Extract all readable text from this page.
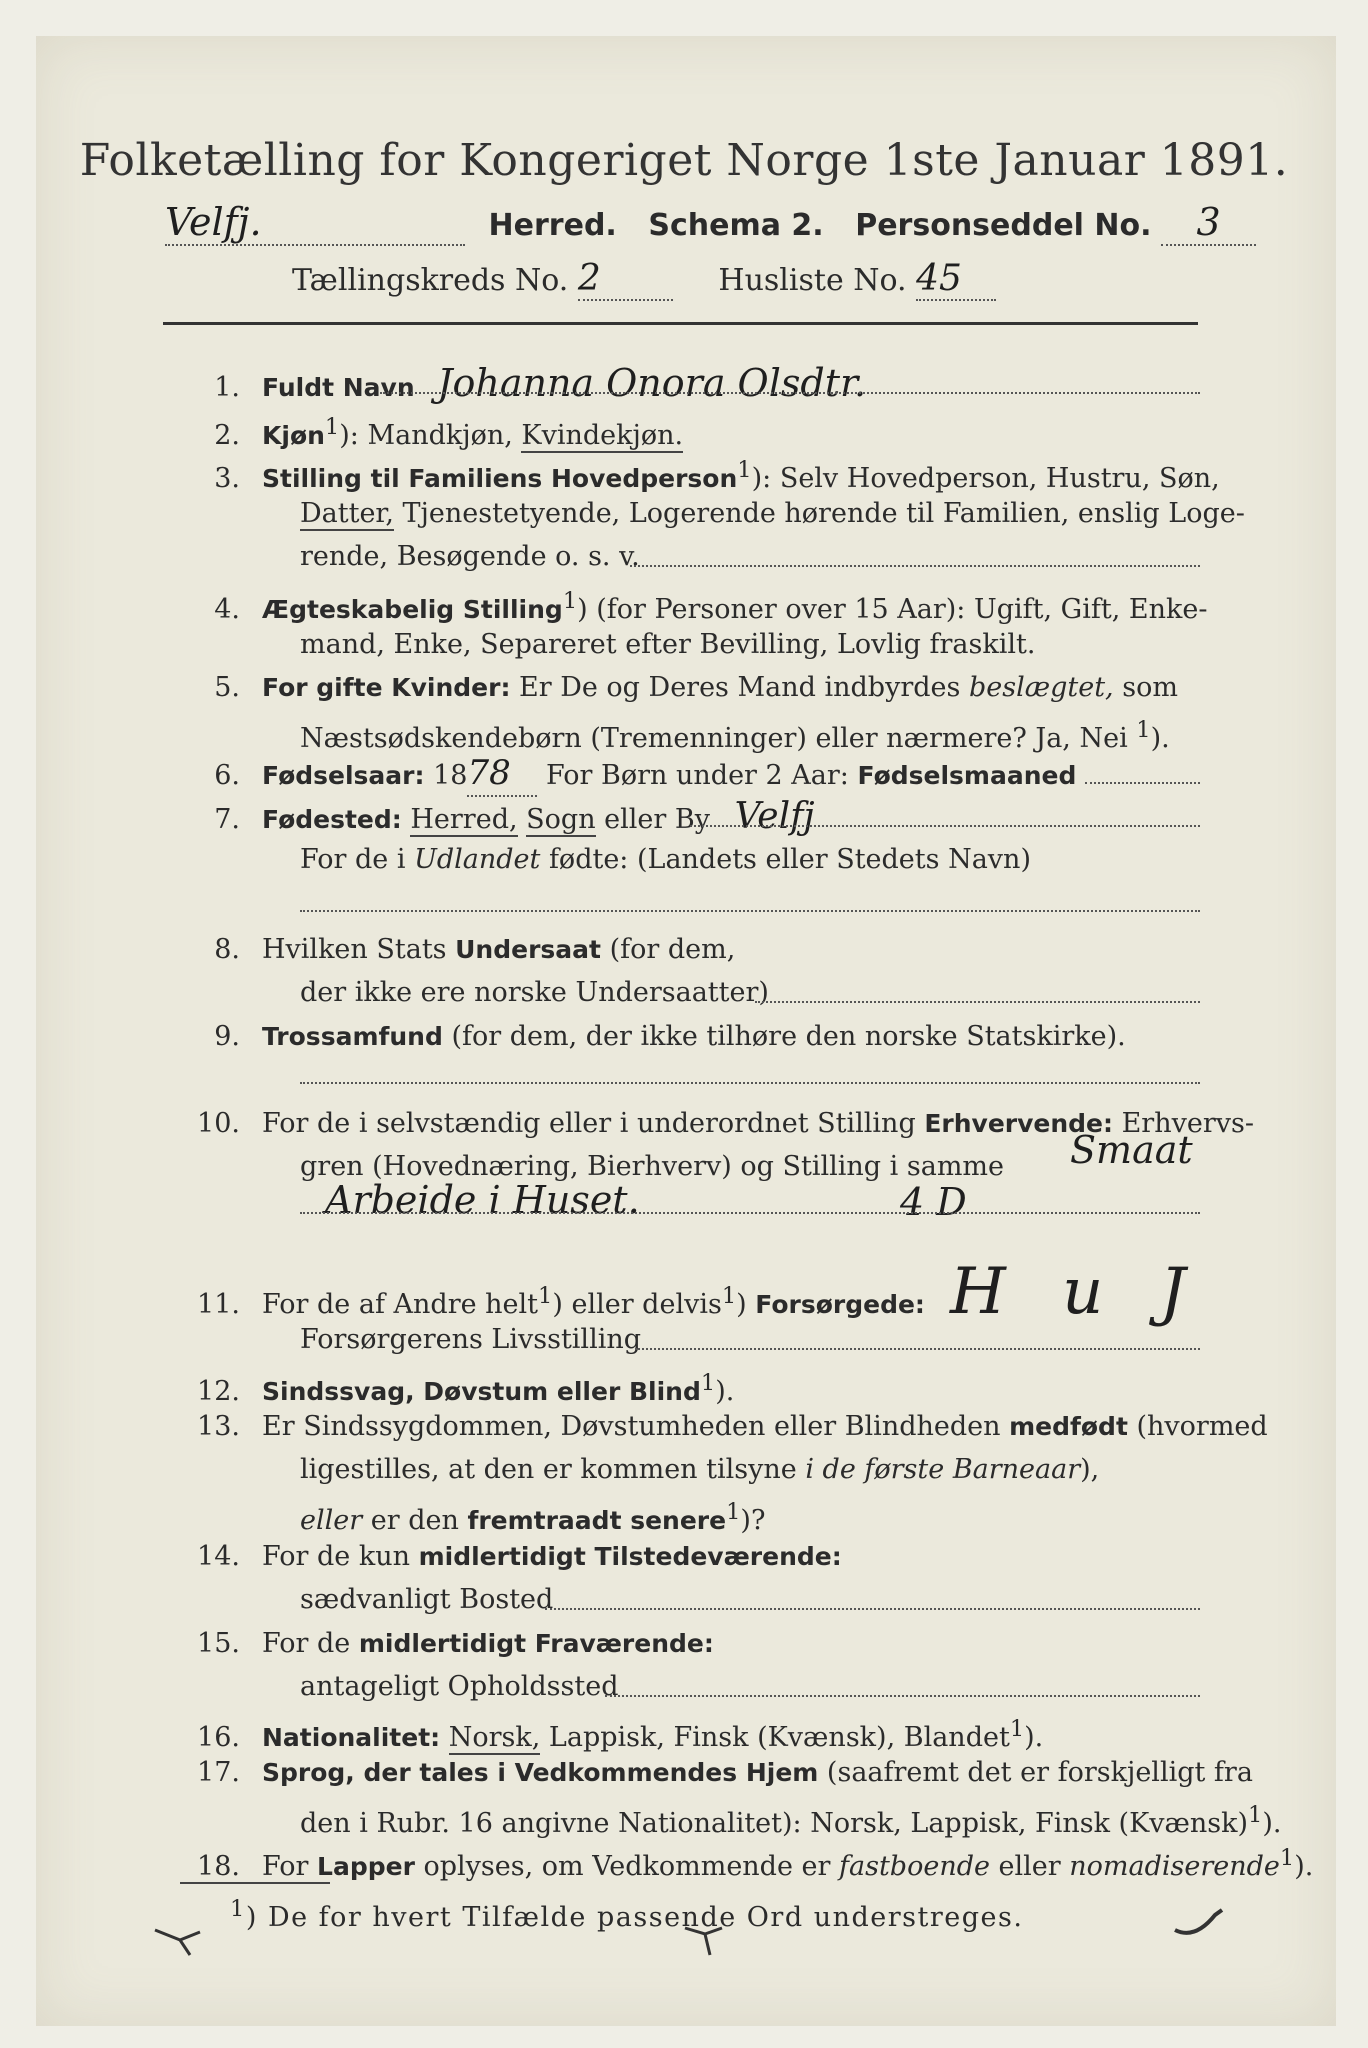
Folketælling for Kongeriget Norge 1ste Januar 1891.
Velfj.	Herred. Schema 2. Personseddel No. 3
Tællingskreds No. 2	Husliste No. 45
1. Fuldt Navn Johanna Onora Olsdtr.
2. Kjøn$^1$): Mandkjøn, Kvindekjøn.
3. Stilling til Familiens Hovedperson$^1$): Selv Hovedperson, Hustru, Søn,
Datter, Tjenestetyende, Logerende hørende til Familien, enslig Loge-
rende, Besøgende o. s. v.
4. Ægteskabelig Stilling$^1$) (for Personer over 15 Aar): Ugift, Gift, Enke-
mand, Enke, Separeret efter Bevilling, Lovlig fraskilt.
5. For gifte Kvinder: Er De og Deres Mand indbyrdes beslægtet, som
Næstsødskendebørn (Tremenninger) eller nærmere? Ja, Nei $^1$).
6. Fødselsaar: 1878 For Børn under 2 Aar: Fødselsmaaned
7. Fødested: Herred, Sogn eller By Velfj
For de i Udlandet fødte: (Landets eller Stedets Navn)
8. Hvilken Stats Undersaat (for dem,
der ikke ere norske Undersaatter)
9. Trossamfund (for dem, der ikke tilhøre den norske Statskirke).
10. For de i selvstændig eller i underordnet Stilling Erhvervende: Erhvervs-
gren (Hovednæring, Bierhverv) og Stilling i samme Smaat
Arbeide i Huset.	4 D
11. For de af Andre helt$^1$) eller delvis$^1$) Forsørgede:
Forsørgerens Livsstilling
H u J
12. Sindssvag, Døvstum eller Blind$^1$).
13. Er Sindssygdommen, Døvstumheden eller Blindheden medfødt (hvormed
ligestilles, at den er kommen tilsyne i de første Barneaar),
eller er den fremtraadt senere$^1$)?
14. For de kun midlertidigt Tilstedeværende:
sædvanligt Bosted
15. For de midlertidigt Fraværende:
antageligt Opholdssted
16. Nationalitet: Norsk, Lappisk, Finsk (Kvænsk), Blandet$^1$).
17. Sprog, der tales i Vedkommendes Hjem (saafremt det er forskjelligt fra
den i Rubr. 16 angivne Nationalitet): Norsk, Lappisk, Finsk (Kvænsk)$^1$).
18. For Lapper oplyses, om Vedkommende er fastboende eller nomadiserende$^1$).
$^1$) De for hvert Tilfælde passende Ord understreges.
